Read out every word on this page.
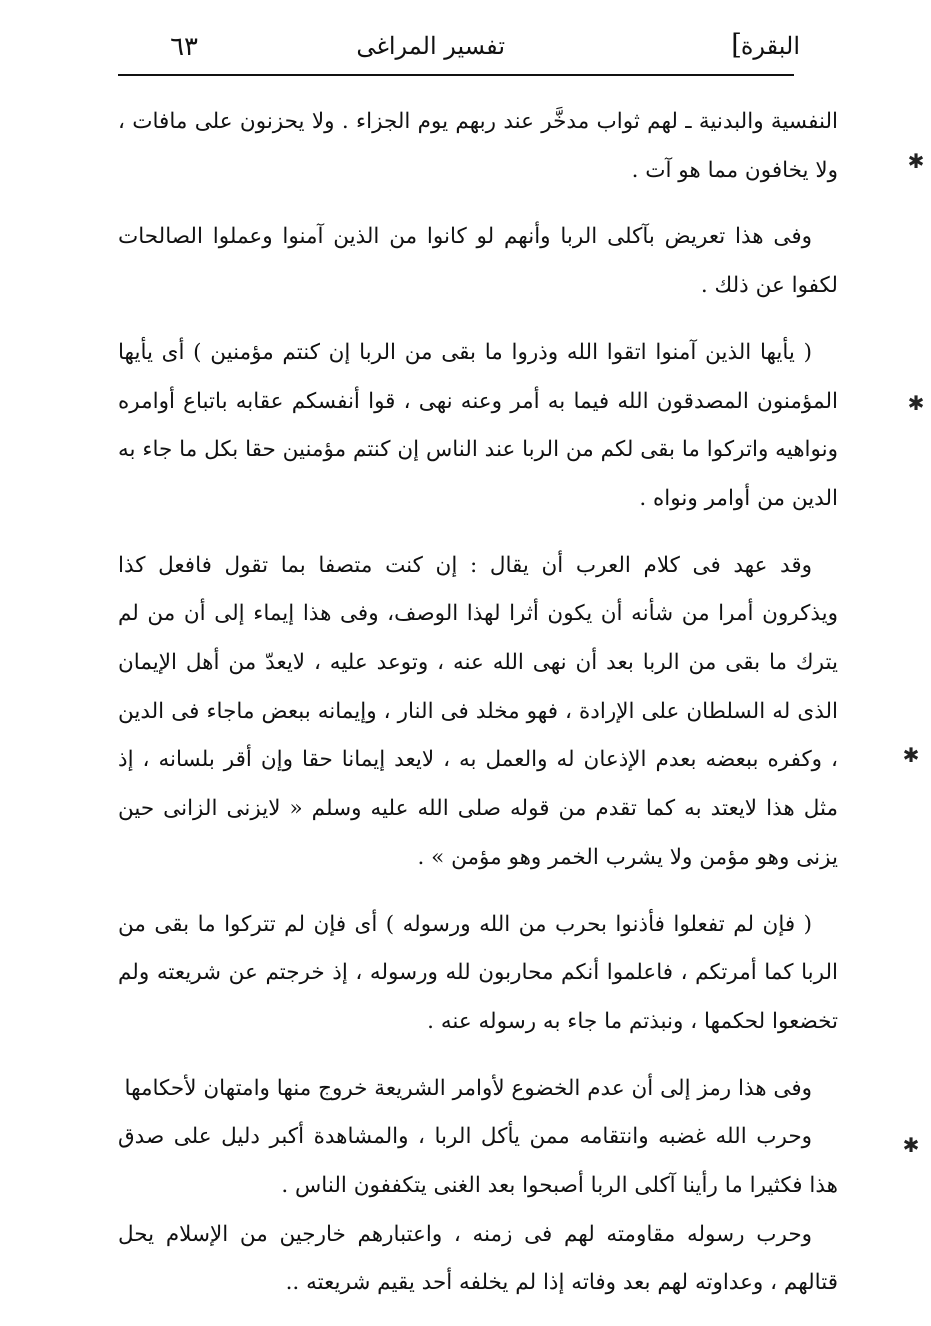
البقرة
]
تفسير المراغى
٦٣

النفسية والبدنية ـ لهم ثواب مدخَّر عند ربهم يوم الجزاء . ولا يحزنون على مافات ، ولا يخافون مما هو آت .

وفى هذا تعريض بآكلى الربا وأنهم لو كانوا من الذين آمنوا وعملوا الصالحات لكفوا عن ذلك .

( يأيها الذين آمنوا اتقوا الله وذروا ما بقى من الربا إن كنتم مؤمنين ) أى يأيها المؤمنون المصدقون الله فيما به أمر وعنه نهى ، قوا أنفسكم عقابه باتباع أوامره ونواهيه واتركوا ما بقى لكم من الربا عند الناس إن كنتم مؤمنين حقا بكل ما جاء به الدين من أوامر ونواه .

وقد عهد فى كلام العرب أن يقال : إن كنت متصفا بما تقول فافعل كذا ويذكرون أمرا من شأنه أن يكون أثرا لهذا الوصف، وفى هذا إيماء إلى أن من لم يترك ما بقى من الربا بعد أن نهى الله عنه ، وتوعد عليه ، لايعدّ من أهل الإيمان الذى له السلطان على الإرادة ، فهو مخلد فى النار ، وإيمانه ببعض ماجاء فى الدين ، وكفره ببعضه بعدم الإذعان له والعمل به ، لايعد إيمانا حقا وإن أقر بلسانه ، إذ مثل هذا لايعتد به كما تقدم من قوله صلى الله عليه وسلم « لايزنى الزانى حين يزنى وهو مؤمن ولا يشرب الخمر وهو مؤمن » .

( فإن لم تفعلوا فأذنوا بحرب من الله ورسوله ) أى فإن لم تتركوا ما بقى من الربا كما أمرتكم ، فاعلموا أنكم محاربون لله ورسوله ، إذ خرجتم عن شريعته ولم تخضعوا لحكمها ، ونبذتم ما جاء به رسوله عنه .

وفى هذا رمز إلى أن عدم الخضوع لأوامر الشريعة خروج منها وامتهان لأحكامها

وحرب الله غضبه وانتقامه ممن يأكل الربا ، والمشاهدة أكبر دليل على صدق هذا فكثيرا ما رأينا آكلى الربا أصبحوا بعد الغنى يتكففون الناس .

وحرب رسوله مقاومته لهم فى زمنه ، واعتبارهم خارجين من الإسلام يحل قتالهم ، وعداوته لهم بعد وفاته إذا لم يخلفه أحد يقيم شريعته ..

✱
✱
✱
✱
